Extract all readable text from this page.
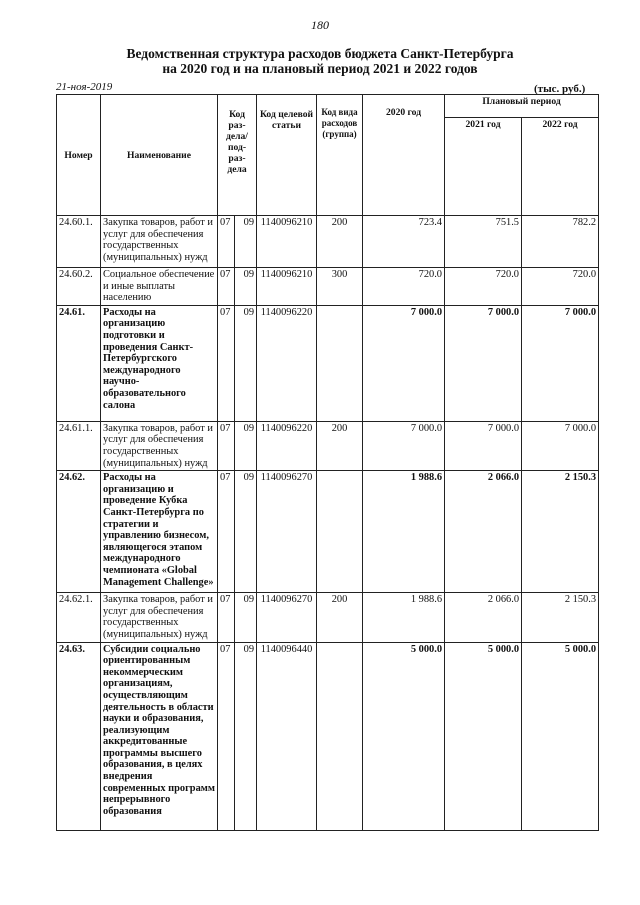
180
Ведомственная структура расходов бюджета Санкт-Петербурга
на 2020 год и на плановый период 2021 и 2022 годов
21-ноя-2019	(тыс. руб.)
Номер	Наименование	Код раз-дела/ под-раз-дела		Код целевой статьи	Код вида расходов (группа)	2020 год	Плановый период	
							2021 год	2022 год
24.60.1.	Закупка товаров, работ и услуг для обеспечения государственных (муниципальных) нужд	07	09	1140096210	200	723.4	751.5	782.2
24.60.2.	Социальное обеспечение и иные выплаты населению	07	09	1140096210	300	720.0	720.0	720.0
24.61.	Расходы на организацию подготовки и проведения Санкт-Петербургского международного научно-образовательного салона	07	09	1140096220		7 000.0	7 000.0	7 000.0
24.61.1.	Закупка товаров, работ и услуг для обеспечения государственных (муниципальных) нужд	07	09	1140096220	200	7 000.0	7 000.0	7 000.0
24.62.	Расходы на организацию и проведение Кубка Санкт-Петербурга по стратегии и управлению бизнесом, являющегося этапом международного чемпионата «Global Management Challenge»	07	09	1140096270		1 988.6	2 066.0	2 150.3
24.62.1.	Закупка товаров, работ и услуг для обеспечения государственных (муниципальных) нужд	07	09	1140096270	200	1 988.6	2 066.0	2 150.3
24.63.	Субсидии социально ориентированным некоммерческим организациям, осуществляющим деятельность в области науки и образования, реализующим аккредитованные программы высшего образования, в целях внедрения современных программ непрерывного образования	07	09	1140096440		5 000.0	5 000.0	5 000.0
